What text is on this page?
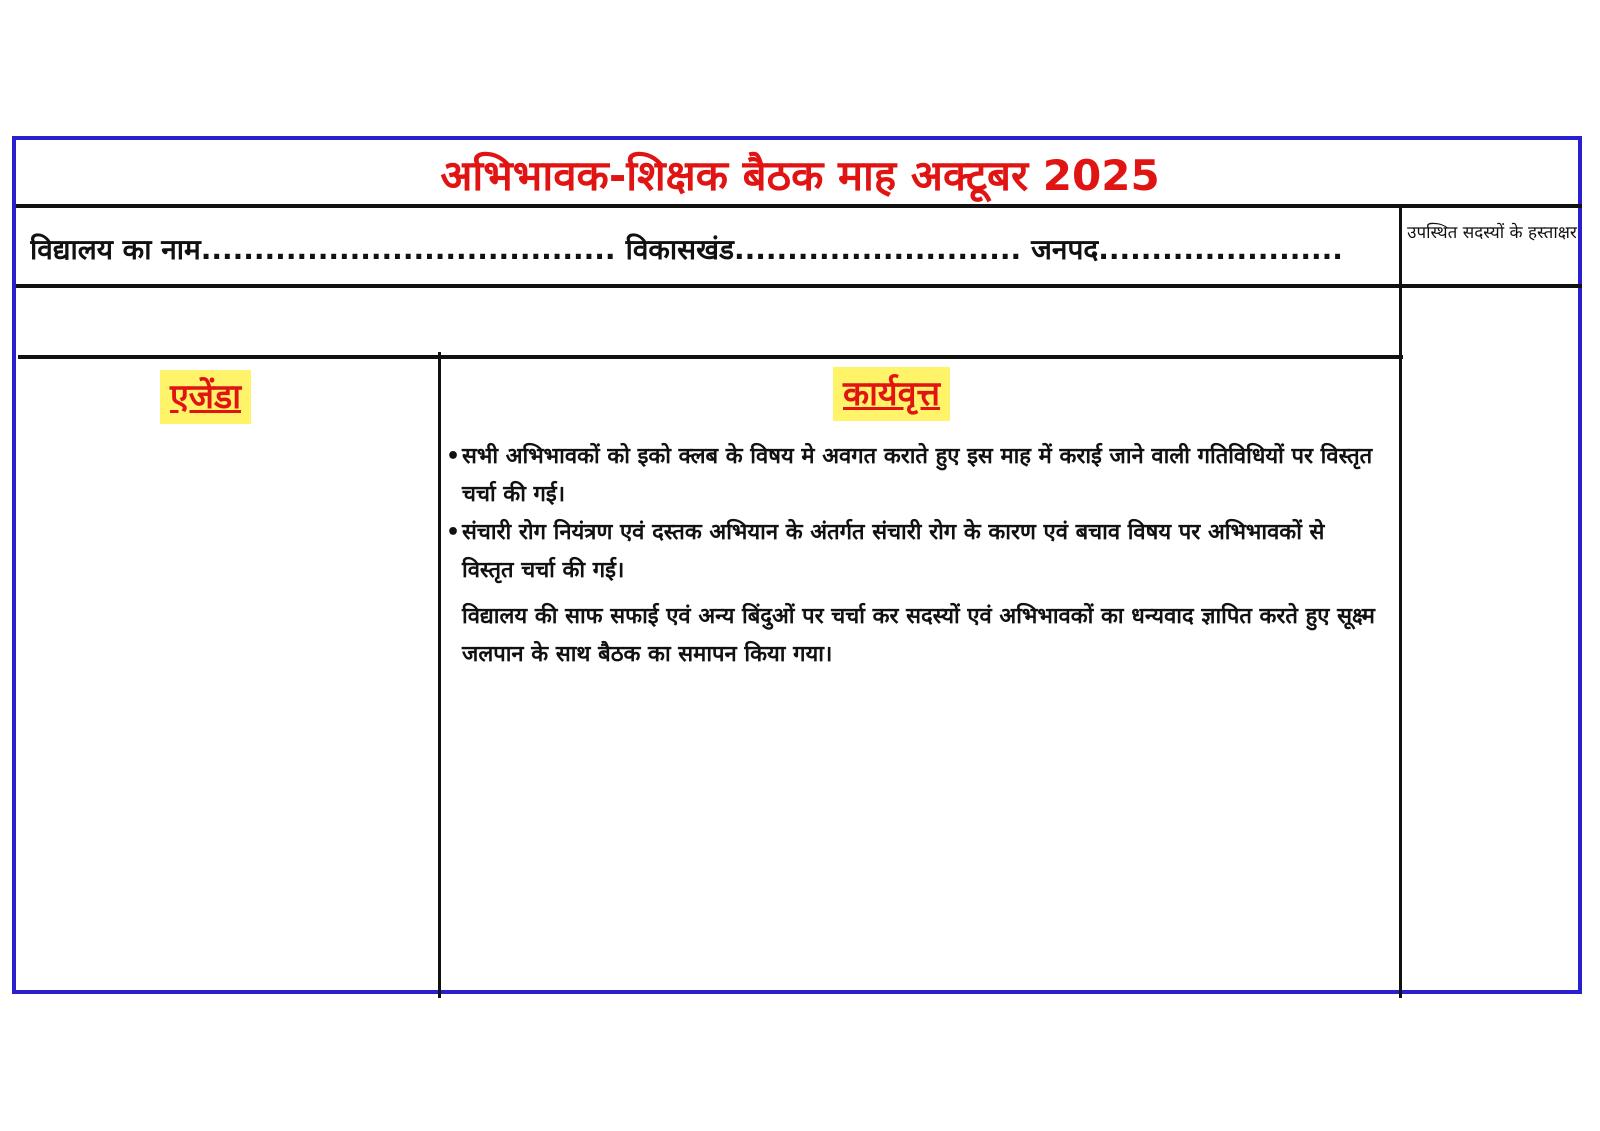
अभिभावक-शिक्षक बैठक माह अक्टूबर 2025
विद्यालय का नाम....................................... विकासखंड........................... जनपद.......................	उपस्थित सदस्यों के हस्ताक्षर
एजेंडा	कार्यवृत्त
• सभी अभिभावकों को इको क्लब के विषय मे अवगत कराते हुए इस माह में कराई जाने वाली गतिविधियों पर विस्तृत चर्चा की गई।
• संचारी रोग नियंत्रण एवं दस्तक अभियान के अंतर्गत संचारी रोग के कारण एवं बचाव विषय पर अभिभावकों से विस्तृत चर्चा की गई।
विद्यालय की साफ सफाई एवं अन्य बिंदुओं पर चर्चा कर सदस्यों एवं अभिभावकों का धन्यवाद ज्ञापित करते हुए सूक्ष्म जलपान के साथ बैठक का समापन किया गया।
